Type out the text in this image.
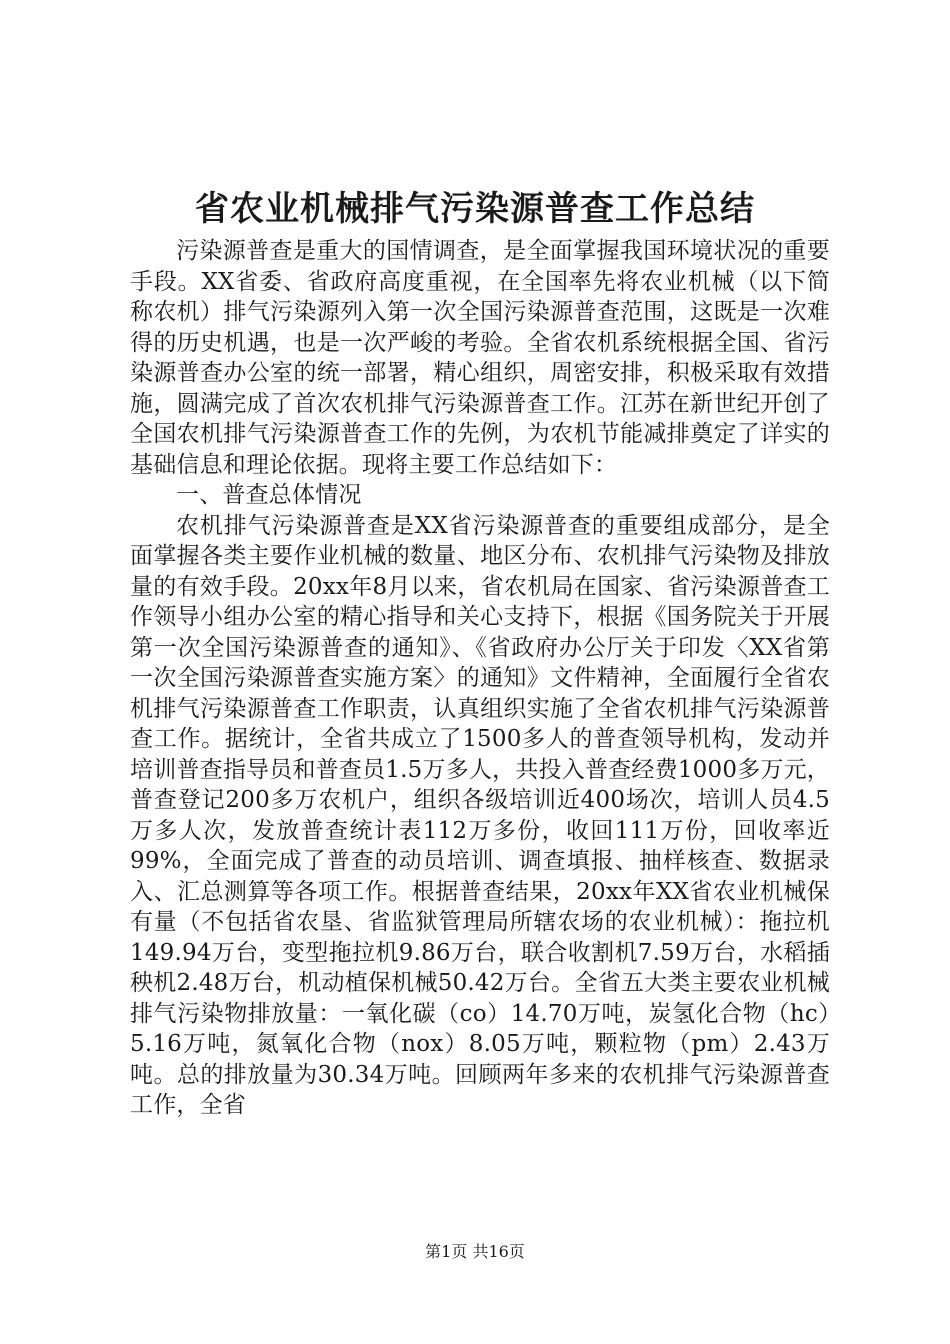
省农业机械排气污染源普查工作总结

污染源普查是重大的国情调查，是全面掌握我国环境状况的重要手段。XX省委、省政府高度重视，在全国率先将农业机械（以下简称农机）排气污染源列入第一次全国污染源普查范围，这既是一次难得的历史机遇，也是一次严峻的考验。全省农机系统根据全国、省污染源普查办公室的统一部署，精心组织，周密安排，积极采取有效措施，圆满完成了首次农机排气污染源普查工作。江苏在新世纪开创了全国农机排气污染源普查工作的先例，为农机节能减排奠定了详实的基础信息和理论依据。现将主要工作总结如下：

一、普查总体情况

农机排气污染源普查是XX省污染源普查的重要组成部分，是全面掌握各类主要作业机械的数量、地区分布、农机排气污染物及排放量的有效手段。20xx年8月以来，省农机局在国家、省污染源普查工作领导小组办公室的精心指导和关心支持下，根据《国务院关于开展第一次全国污染源普查的通知》、《省政府办公厅关于印发〈XX省第一次全国污染源普查实施方案〉的通知》文件精神，全面履行全省农机排气污染源普查工作职责，认真组织实施了全省农机排气污染源普查工作。据统计，全省共成立了1500多人的普查领导机构，发动并培训普查指导员和普查员1.5万多人，共投入普查经费1000多万元，普查登记200多万农机户，组织各级培训近400场次，培训人员4.5万多人次，发放普查统计表112万多份，收回111万份，回收率近99%，全面完成了普查的动员培训、调查填报、抽样核查、数据录入、汇总测算等各项工作。根据普查结果，20xx年XX省农业机械保有量（不包括省农垦、省监狱管理局所辖农场的农业机械）：拖拉机149.94万台，变型拖拉机9.86万台，联合收割机7.59万台，水稻插秧机2.48万台，机动植保机械50.42万台。全省五大类主要农业机械排气污染物排放量：一氧化碳（co）14.70万吨，炭氢化合物（hc）5.16万吨，氮氧化合物（nox）8.05万吨，颗粒物（pm）2.43万吨。总的排放量为30.34万吨。回顾两年多来的农机排气污染源普查工作，全省

第1页 共16页
